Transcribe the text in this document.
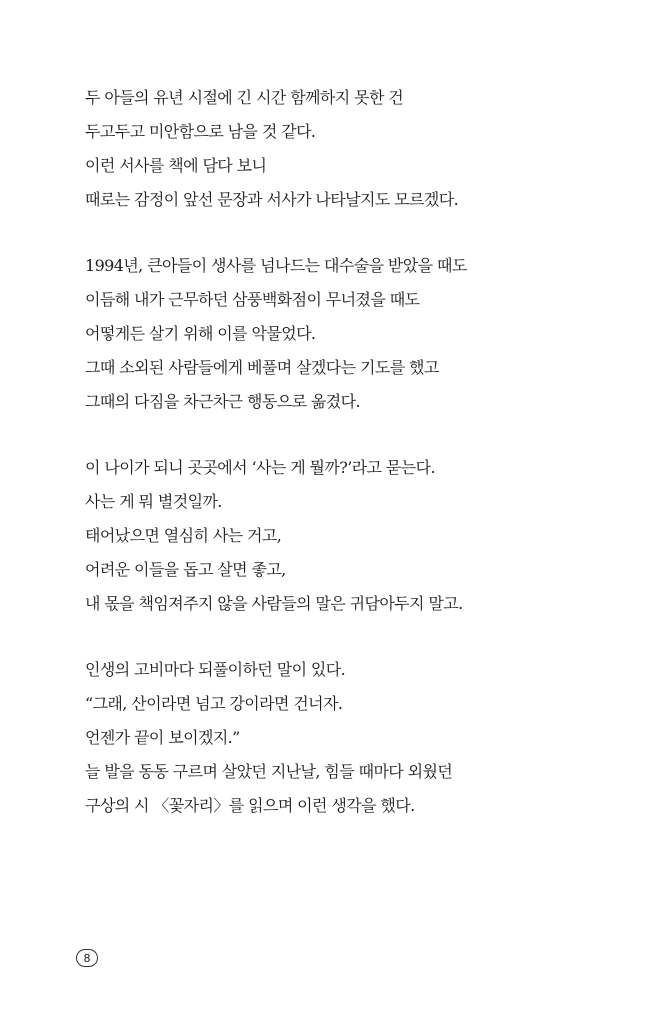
두 아들의 유년 시절에 긴 시간 함께하지 못한 건
두고두고 미안함으로 남을 것 같다.
이런 서사를 책에 담다 보니
때로는 감정이 앞선 문장과 서사가 나타날지도 모르겠다.
1994년, 큰아들이 생사를 넘나드는 대수술을 받았을 때도
이듬해 내가 근무하던 삼풍백화점이 무너졌을 때도
어떻게든 살기 위해 이를 악물었다.
그때 소외된 사람들에게 베풀며 살겠다는 기도를 했고
그때의 다짐을 차근차근 행동으로 옮겼다.
이 나이가 되니 곳곳에서 ‘사는 게 뭘까?’라고 묻는다.
사는 게 뭐 별것일까.
태어났으면 열심히 사는 거고,
어려운 이들을 돕고 살면 좋고,
내 몫을 책임져주지 않을 사람들의 말은 귀담아두지 말고.
인생의 고비마다 되풀이하던 말이 있다.
“그래, 산이라면 넘고 강이라면 건너자.
언젠가 끝이 보이겠지.”
늘 발을 동동 구르며 살았던 지난날, 힘들 때마다 외웠던
구상의 시 〈꽃자리〉를 읽으며 이런 생각을 했다.
8
